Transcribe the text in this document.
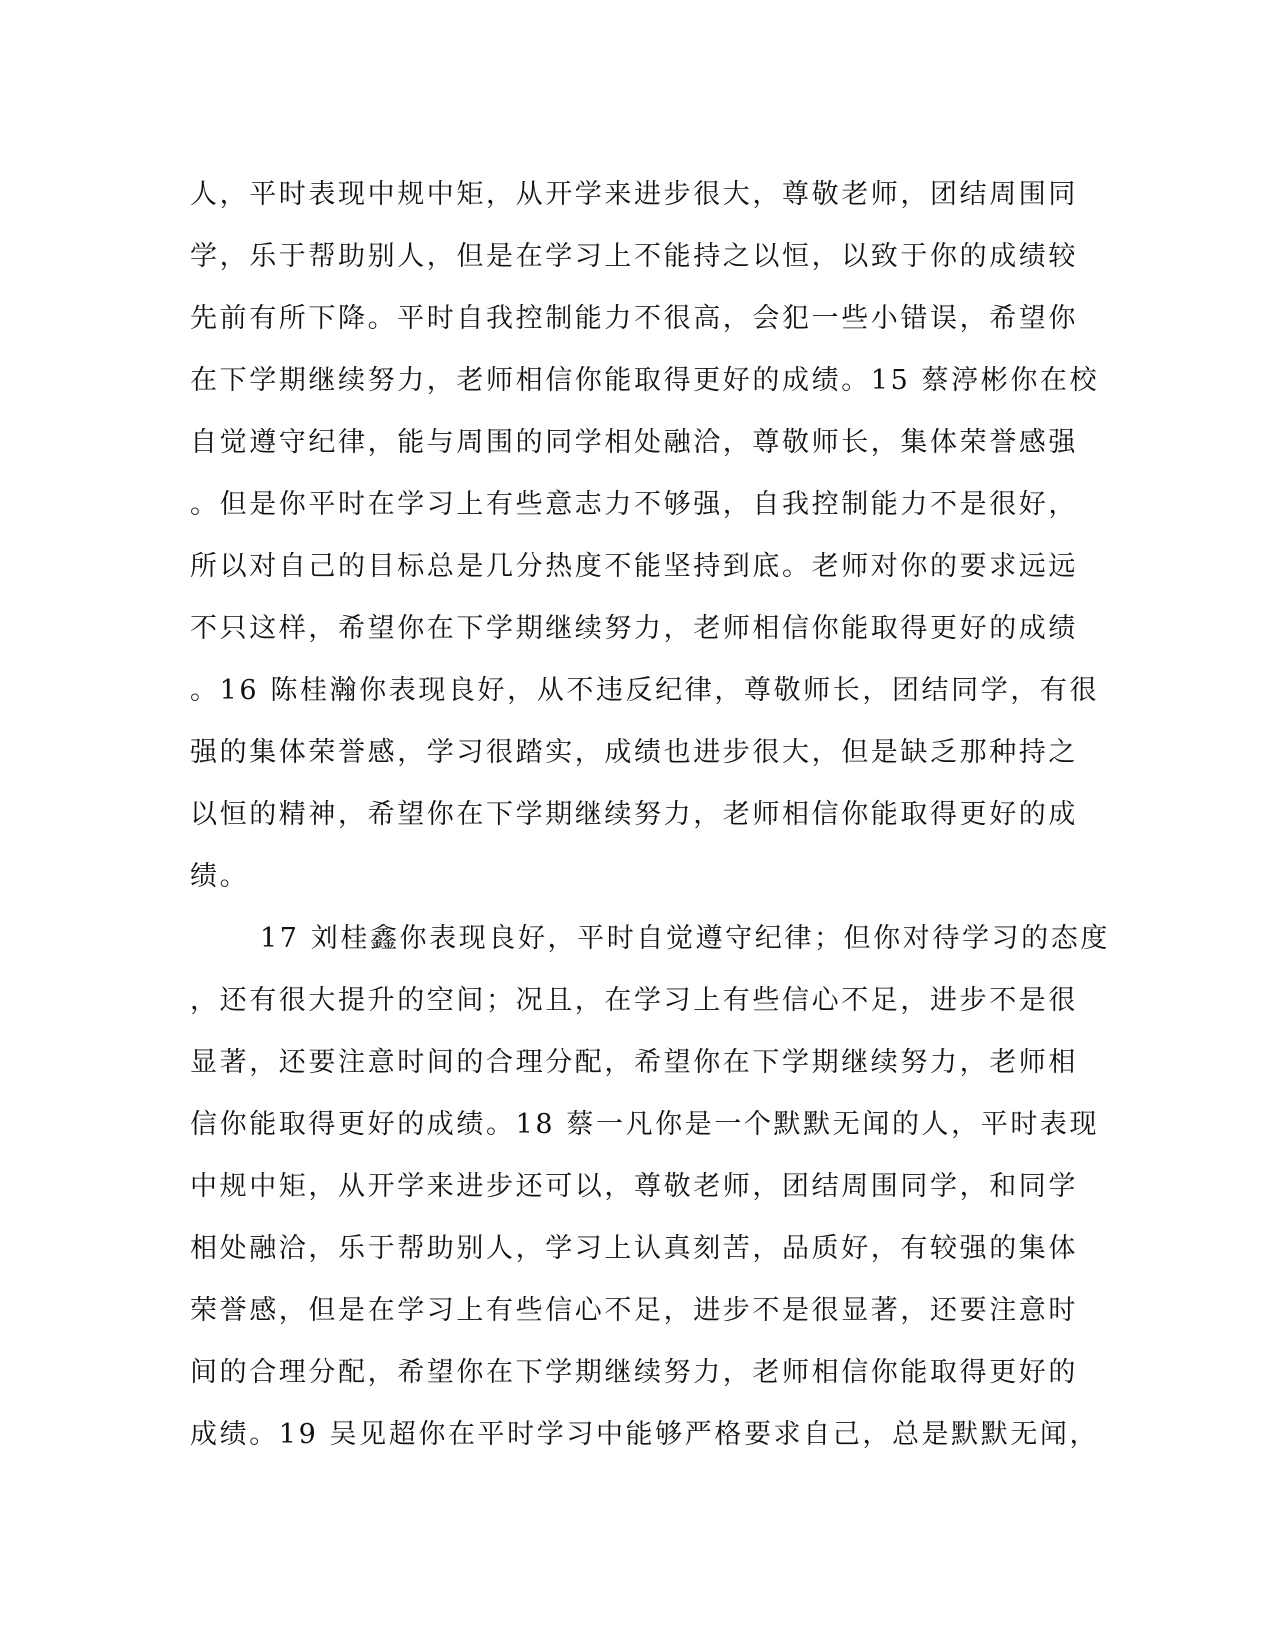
人，平时表现中规中矩，从开学来进步很大，尊敬老师，团结周围同
学，乐于帮助别人，但是在学习上不能持之以恒，以致于你的成绩较
先前有所下降。平时自我控制能力不很高，会犯一些小错误，希望你
在下学期继续努力，老师相信你能取得更好的成绩。15 蔡渟彬你在校
自觉遵守纪律，能与周围的同学相处融洽，尊敬师长，集体荣誉感强
。但是你平时在学习上有些意志力不够强，自我控制能力不是很好，
所以对自己的目标总是几分热度不能坚持到底。老师对你的要求远远
不只这样，希望你在下学期继续努力，老师相信你能取得更好的成绩
。16 陈桂瀚你表现良好，从不违反纪律，尊敬师长，团结同学，有很
强的集体荣誉感，学习很踏实，成绩也进步很大，但是缺乏那种持之
以恒的精神，希望你在下学期继续努力，老师相信你能取得更好的成
绩。
17 刘桂鑫你表现良好，平时自觉遵守纪律；但你对待学习的态度
，还有很大提升的空间；况且，在学习上有些信心不足，进步不是很
显著，还要注意时间的合理分配，希望你在下学期继续努力，老师相
信你能取得更好的成绩。18 蔡一凡你是一个默默无闻的人，平时表现
中规中矩，从开学来进步还可以，尊敬老师，团结周围同学，和同学
相处融洽，乐于帮助别人，学习上认真刻苦，品质好，有较强的集体
荣誉感，但是在学习上有些信心不足，进步不是很显著，还要注意时
间的合理分配，希望你在下学期继续努力，老师相信你能取得更好的
成绩。19 吴见超你在平时学习中能够严格要求自己，总是默默无闻，
